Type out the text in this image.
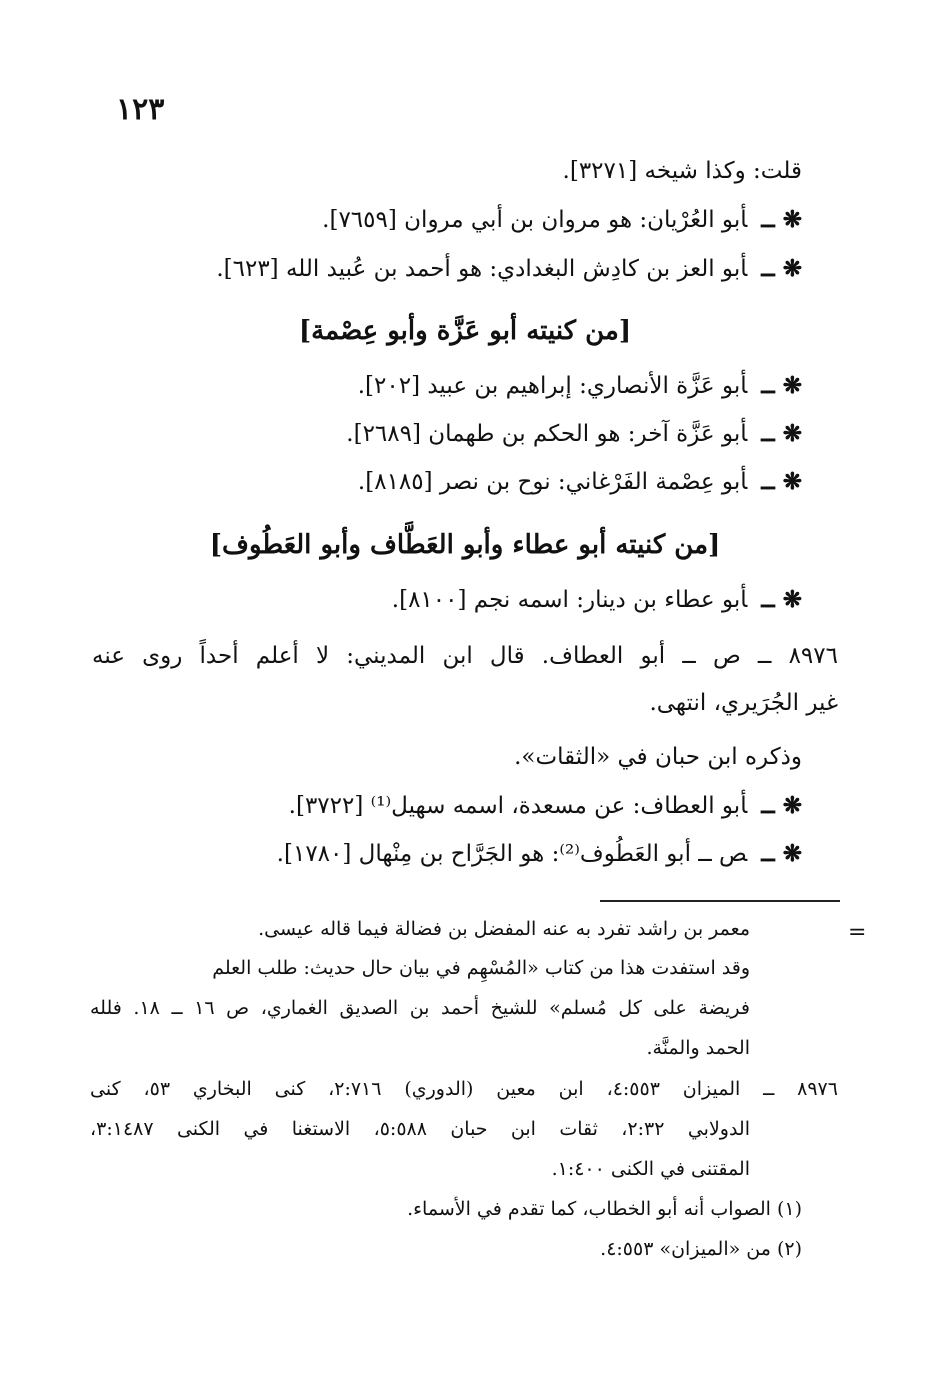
١٢٣
قلت: وكذا شيخه [٣٢٧١].
❋ ــأبو العُرْيان: هو مروان بن أبي مروان [٧٦٥٩].
❋ ــأبو العز بن كادِش البغدادي: هو أحمد بن عُبيد الله [٦٢٣].
[من كنيته أبو عَزَّة وأبو عِصْمة]
❋ ــأبو عَزَّة الأنصاري: إبراهيم بن عبيد [٢٠٢].
❋ ــأبو عَزَّة آخر: هو الحكم بن طهمان [٢٦٨٩].
❋ ــأبو عِصْمة الفَرْغاني: نوح بن نصر [٨١٨٥].
[من كنيته أبو عطاء وأبو العَطَّاف وأبو العَطُوف]
❋ ــأبو عطاء بن دينار: اسمه نجم [٨١٠٠].
٨٩٧٦ ــ ص ــ أبو العطاف. قال ابن المديني: لا أعلم أحداً روى عنه
غير الجُرَيري، انتهى.
وذكره ابن حبان في «الثقات».
❋ ــأبو العطاف: عن مسعدة، اسمه سهيل⁽¹⁾ [٣٧٢٢].
❋ ــص ــ أبو العَطُوف⁽²⁾: هو الجَرَّاح بن مِنْهال [١٧٨٠].
=
معمر بن راشد تفرد به عنه المفضل بن فضالة فيما قاله عيسى.
وقد استفدت هذا من كتاب «المُسْهِم في بيان حال حديث: طلب العلم
فريضة على كل مُسلم» للشيخ أحمد بن الصديق الغماري، ص ١٦ ــ ١٨. فلله
الحمد والمنَّة.
٨٩٧٦ ــ الميزان ٤:٥٥٣، ابن معين (الدوري) ٢:٧١٦، كنى البخاري ٥٣، كنى
الدولابي ٢:٣٢، ثقات ابن حبان ٥:٥٨٨، الاستغنا في الكنى ٣:١٤٨٧،
المقتنى في الكنى ١:٤٠٠.
(١) الصواب أنه أبو الخطاب، كما تقدم في الأسماء.
(٢) من «الميزان» ٤:٥٥٣.
